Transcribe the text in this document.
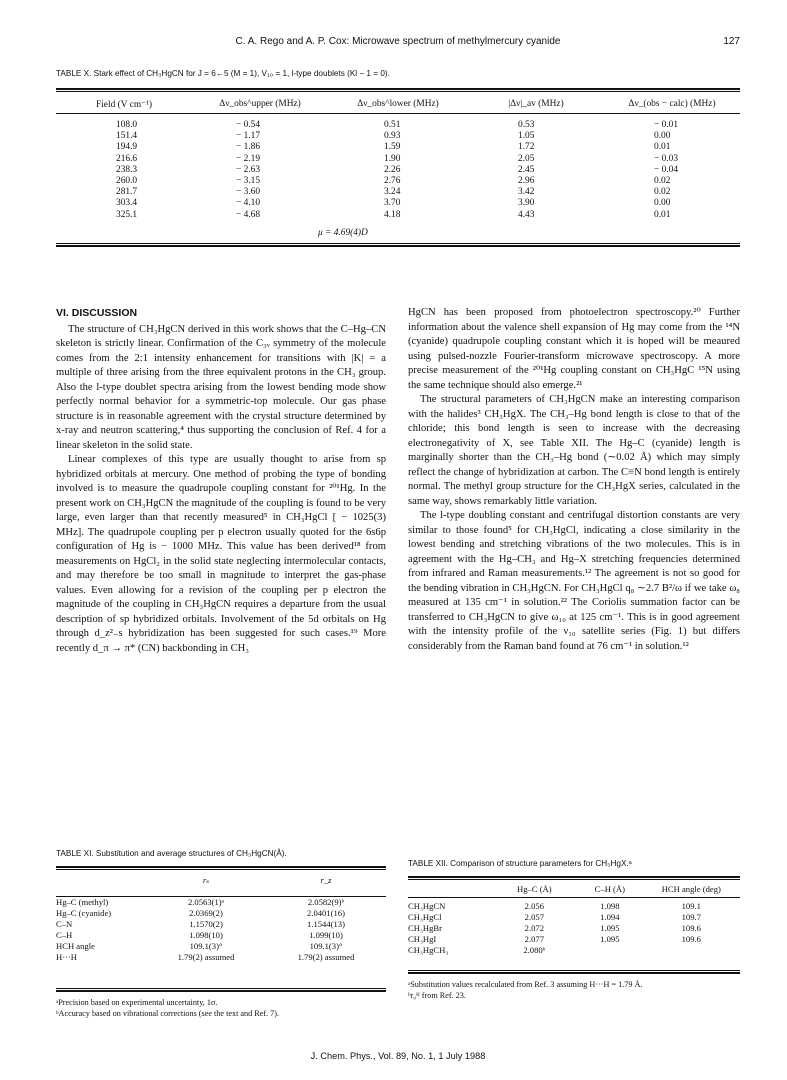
C. A. Rego and A. P. Cox: Microwave spectrum of methylmercury cyanide	127
TABLE X. Stark effect of CH₃HgCN for J = 6←5 (M = 1), V₁₀ = 1, l-type doublets (Kl − 1 = 0).
Field (V cm⁻¹)	Δν_obs^upper (MHz)	Δν_obs^lower (MHz)	|Δν|_av (MHz)	Δν_(obs − calc) (MHz)

108.0	− 0.54	0.51	0.53	− 0.01
151.4	− 1.17	0.93	1.05	0.00
194.9	− 1.86	1.59	1.72	0.01
216.6	− 2.19	1.90	2.05	− 0.03
238.3	− 2.63	2.26	2.45	− 0.04
260.0	− 3.15	2.76	2.96	0.02
281.7	− 3.60	3.24	3.42	0.02
303.4	− 4.10	3.70	3.90	0.00
325.1	− 4.68	4.18	4.43	0.01
μ = 4.69(4)D
VI. DISCUSSION

The structure of CH₃HgCN derived in this work shows that the C–Hg–CN skeleton is strictly linear. Confirmation of the C₃ᵥ symmetry of the molecule comes from the 2:1 intensity enhancement for transitions with |K| = a multiple of three arising from the three equivalent protons in the CH₃ group. Also the l-type doublet spectra arising from the lowest bending mode show perfectly normal behavior for a symmetric-top molecule. Our gas phase structure is in reasonable agreement with the crystal structure determined by x-ray and neutron scattering,⁴ thus supporting the conclusion of Ref. 4 for a linear skeleton in the solid state.

Linear complexes of this type are usually thought to arise from sp hybridized orbitals at mercury. One method of probing the type of bonding involved is to measure the quadrupole coupling constant for ²⁰¹Hg. In the present work on CH₃HgCN the magnitude of the coupling is found to be very large, even larger than that recently measured⁵ in CH₃HgCl [ − 1025(3) MHz]. The quadrupole coupling per p electron usually quoted for the 6s6p configuration of Hg is − 1000 MHz. This value has been derived¹⁸ from measurements on HgCl₂ in the solid state neglecting intermolecular contacts, and may therefore be too small in magnitude to interpret the gas-phase values. Even allowing for a revision of the coupling per p electron the magnitude of the coupling in CH₃HgCN requires a departure from the usual description of sp hybridized orbitals. Involvement of the 5d orbitals on Hg through d_z²₋s hybridization has been suggested for such cases.¹⁹ More recently d_π → π* (CN) backbonding in CH₃

HgCN has been proposed from photoelectron spectroscopy.²⁰ Further information about the valence shell expansion of Hg may come from the ¹⁴N (cyanide) quadrupole coupling constant which it is hoped will be meaured using pulsed-nozzle Fourier-transform microwave spectroscopy. A more precise measurement of the ²⁰¹Hg coupling constant on CH₃HgC ¹⁵N using the same technique should also emerge.²¹

The structural parameters of CH₃HgCN make an interesting comparison with the halides³ CH₃HgX. The CH₃–Hg bond length is close to that of the chloride; this bond length is seen to increase with the decreasing electronegativity of X, see Table XII. The Hg–C (cyanide) length is marginally shorter than the CH₃–Hg bond (∼0.02 Å) which may simply reflect the change of hybridization at carbon. The C≡N bond length is entirely normal. The methyl group structure for the CH₃HgX series, calculated in the same way, shows remarkably little variation.

The l-type doubling constant and centrifugal distortion constants are very similar to those found⁵ for CH₃HgCl, indicating a close similarity in the lowest bending and stretching vibrations of the two molecules. This is in agreement with the Hg–CH₃ and Hg–X stretching frequencies determined from infrared and Raman measurements.¹² The agreement is not so good for the bending vibration in CH₃HgCN. For CH₃HgCl q₈ ∼2.7 B²/ω if we take ω₈ measured at 135 cm⁻¹ in solution.²² The Coriolis summation factor can be transferred to CH₃HgCN to give ω₁₀ at 125 cm⁻¹. This is in good agreement with the intensity profile of the ν₁₀ satellite series (Fig. 1) but differs considerably from the Raman band found at 76 cm⁻¹ in solution.¹²

TABLE XI. Substitution and average structures of CH₃HgCN(Å).
	rₛ	r_z

Hg–C (methyl)	2.0563(1)ᵃ	2.0582(9)ᵇ
Hg–C (cyanide)	2.0369(2)	2.0401(16)
C–N	1.1570(2)	1.1544(13)
C–H	1.098(10)	1.099(10)
HCH angle	109.1(3)°	109.1(3)°
H···H	1.79(2) assumed	1.79(2) assumed
ᵃPrecision based on experimental uncertainty, 1σ.
ᵇAccuracy based on vibrational corrections (see the text and Ref. 7).
TABLE XII. Comparison of structure parameters for CH₃HgX.ᵃ
	Hg–C (Å)	C–H (Å)	HCH angle (deg)

CH₃HgCN	2.056	1.098	109.1
CH₃HgCl	2.057	1.094	109.7
CH₃HgBr	2.072	1.095	109.6
CH₃HgI	2.077	1.095	109.6
CH₃HgCH₃	2.080ᵇ		
ᵃSubstitution values recalculated from Ref. 3 assuming H···H = 1.79 Å.
ᵇr₀ᴴ from Ref. 23.
J. Chem. Phys., Vol. 89, No. 1, 1 July 1988
